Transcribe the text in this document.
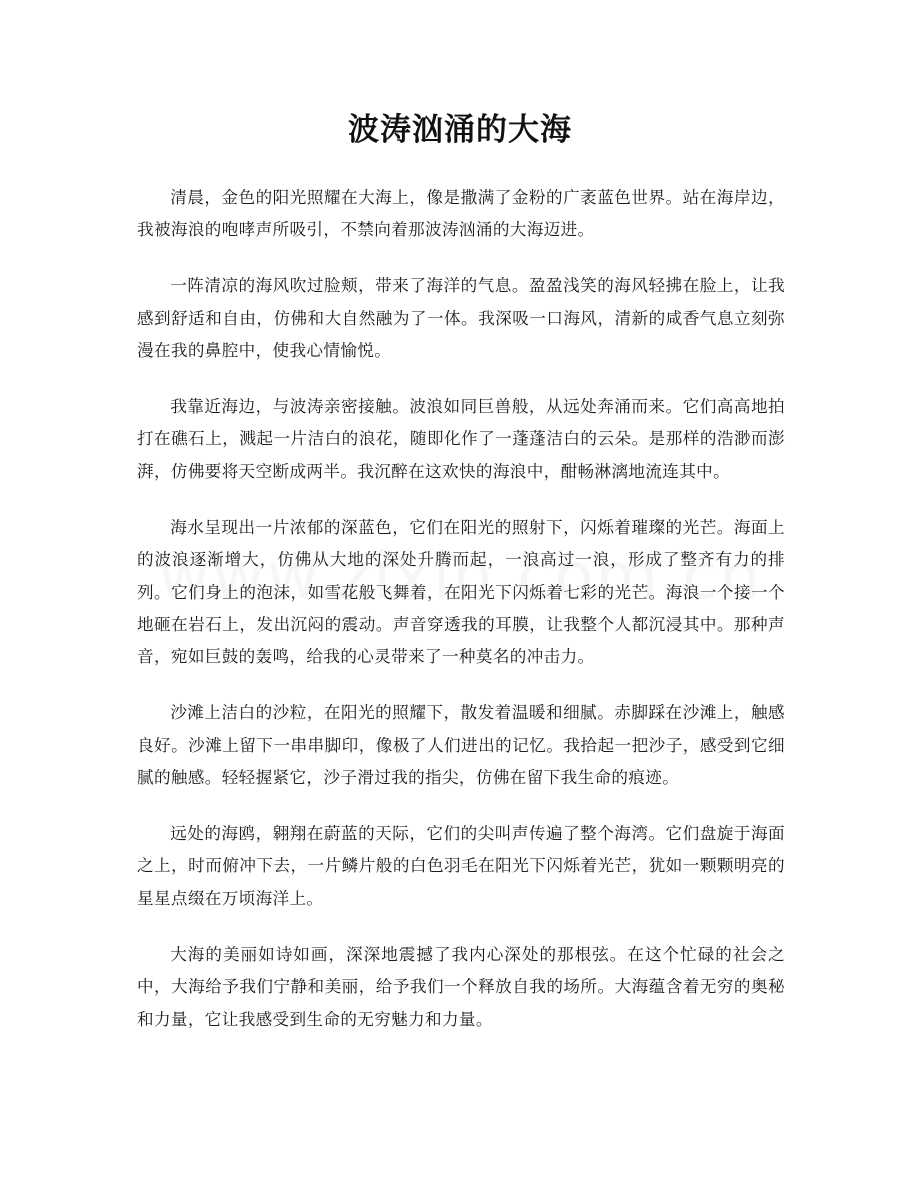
波涛汹涌的大海

清晨，金色的阳光照耀在大海上，像是撒满了金粉的广袤蓝色世界。站在海岸边，我被海浪的咆哮声所吸引，不禁向着那波涛汹涌的大海迈进。

一阵清凉的海风吹过脸颊，带来了海洋的气息。盈盈浅笑的海风轻拂在脸上，让我感到舒适和自由，仿佛和大自然融为了一体。我深吸一口海风，清新的咸香气息立刻弥漫在我的鼻腔中，使我心情愉悦。

我靠近海边，与波涛亲密接触。波浪如同巨兽般，从远处奔涌而来。它们高高地拍打在礁石上，溅起一片洁白的浪花，随即化作了一蓬蓬洁白的云朵。是那样的浩渺而澎湃，仿佛要将天空断成两半。我沉醉在这欢快的海浪中，酣畅淋漓地流连其中。

海水呈现出一片浓郁的深蓝色，它们在阳光的照射下，闪烁着璀璨的光芒。海面上的波浪逐渐增大，仿佛从大地的深处升腾而起，一浪高过一浪，形成了整齐有力的排列。它们身上的泡沫，如雪花般飞舞着，在阳光下闪烁着七彩的光芒。海浪一个接一个地砸在岩石上，发出沉闷的震动。声音穿透我的耳膜，让我整个人都沉浸其中。那种声音，宛如巨鼓的轰鸣，给我的心灵带来了一种莫名的冲击力。

沙滩上洁白的沙粒，在阳光的照耀下，散发着温暖和细腻。赤脚踩在沙滩上，触感良好。沙滩上留下一串串脚印，像极了人们进出的记忆。我拾起一把沙子，感受到它细腻的触感。轻轻握紧它，沙子滑过我的指尖，仿佛在留下我生命的痕迹。

远处的海鸥，翱翔在蔚蓝的天际，它们的尖叫声传遍了整个海湾。它们盘旋于海面之上，时而俯冲下去，一片鳞片般的白色羽毛在阳光下闪烁着光芒，犹如一颗颗明亮的星星点缀在万顷海洋上。

大海的美丽如诗如画，深深地震撼了我内心深处的那根弦。在这个忙碌的社会之中，大海给予我们宁静和美丽，给予我们一个释放自我的场所。大海蕴含着无穷的奥秘和力量，它让我感受到生命的无穷魅力和力量。
